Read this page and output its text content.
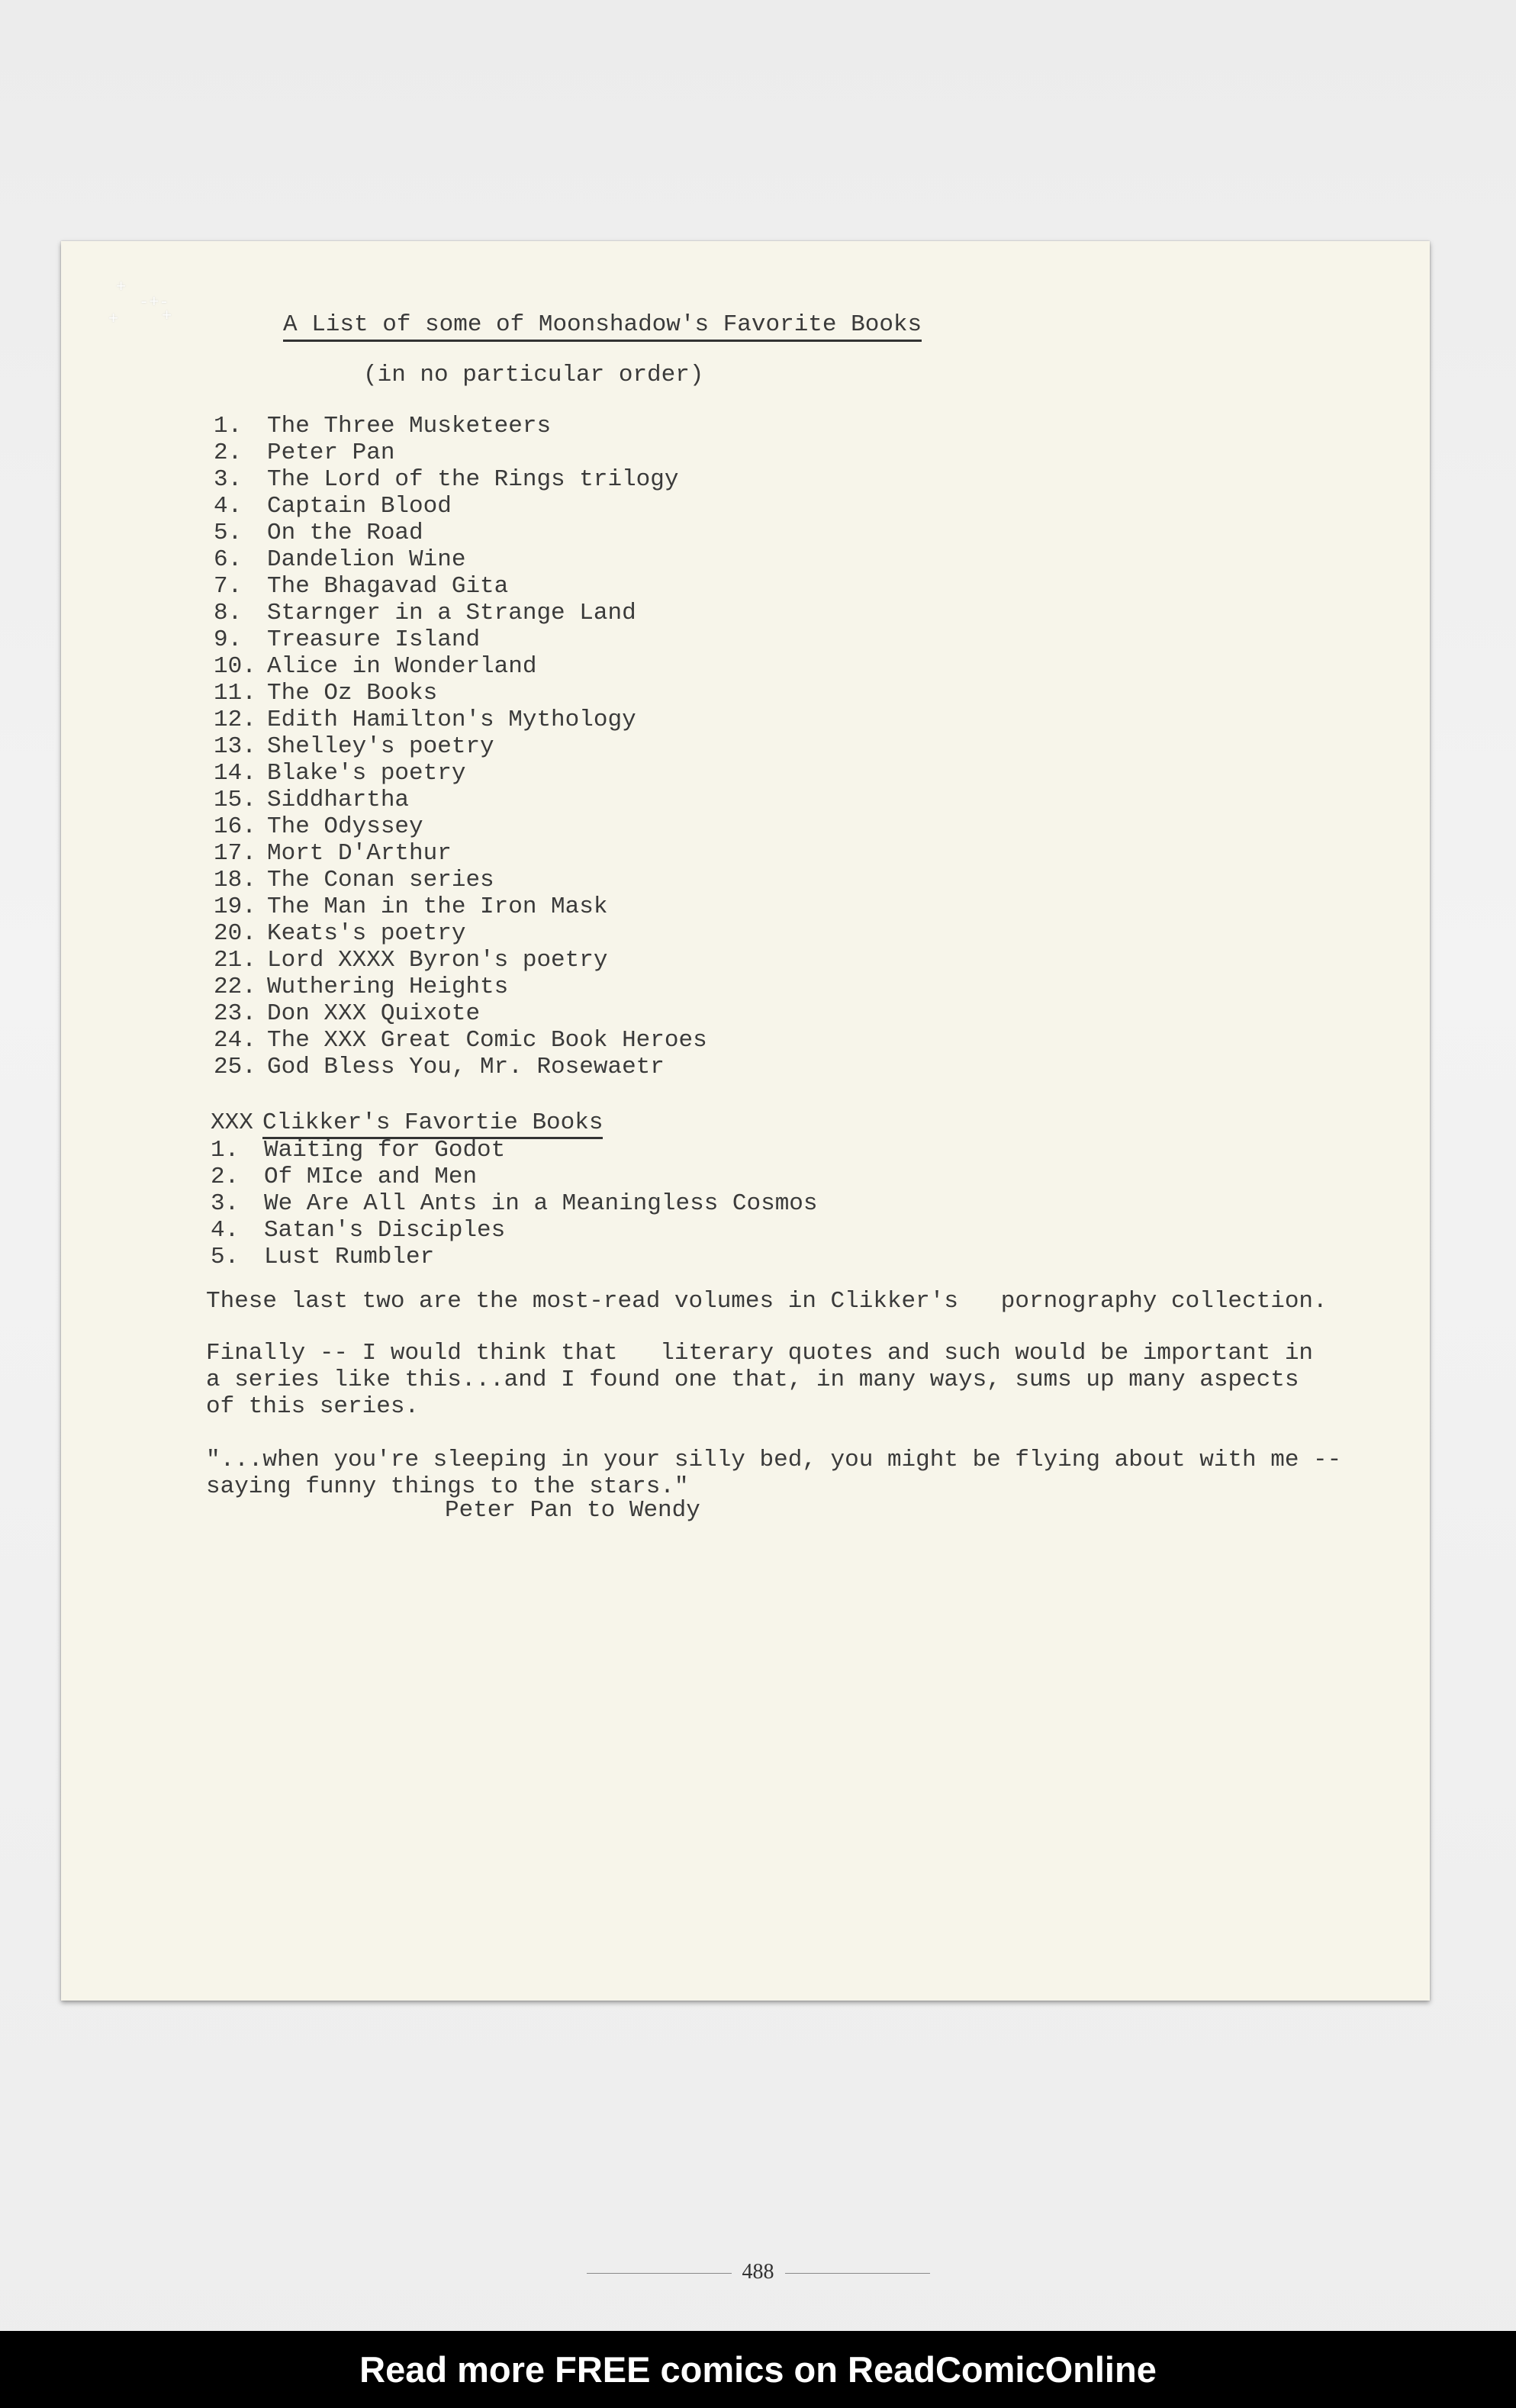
+
-+-
+	+	A List of some of Moonshadow's Favorite Books

(in no particular order)

1.	The Three Musketeers
2.	Peter Pan
3.	The Lord of the Rings trilogy
4.	Captain Blood
5.	On the Road
6.	Dandelion Wine
7.	The Bhagavad Gita
8.	Starnger in a Strange Land
9.	Treasure Island
10. Alice in Wonderland
11. The Oz Books
12. Edith Hamilton's Mythology
13. Shelley's poetry
14. Blake's poetry
15. Siddhartha
16. The Odyssey
17. Mort D'Arthur
18. The Conan series
19. The Man in the Iron Mask
20. Keats's poetry
21. Lord XXXX Byron's poetry
22. Wuthering Heights
23. Don XXX Quixote
24. The XXX Great Comic Book Heroes
25. God Bless You, Mr. Rosewaetr
XXX Clikker's Favortie Books
1.	Waiting for Godot
2.	Of MIce and Men
3.	We Are All Ants in a Meaningless Cosmos
4.	Satan's Disciples
5.	Lust Rumbler

These last two are the most-read volumes in Clikker's   pornography collection.

Finally -- I would think that   literary quotes and such would be important in
a series like this...and I found one that, in many ways, sums up many aspects
of this series.

"...when you're sleeping in your silly bed, you might be flying about with me --
saying funny things to the stars."

Peter Pan to Wendy

488
Read more FREE comics on ReadComicOnline
